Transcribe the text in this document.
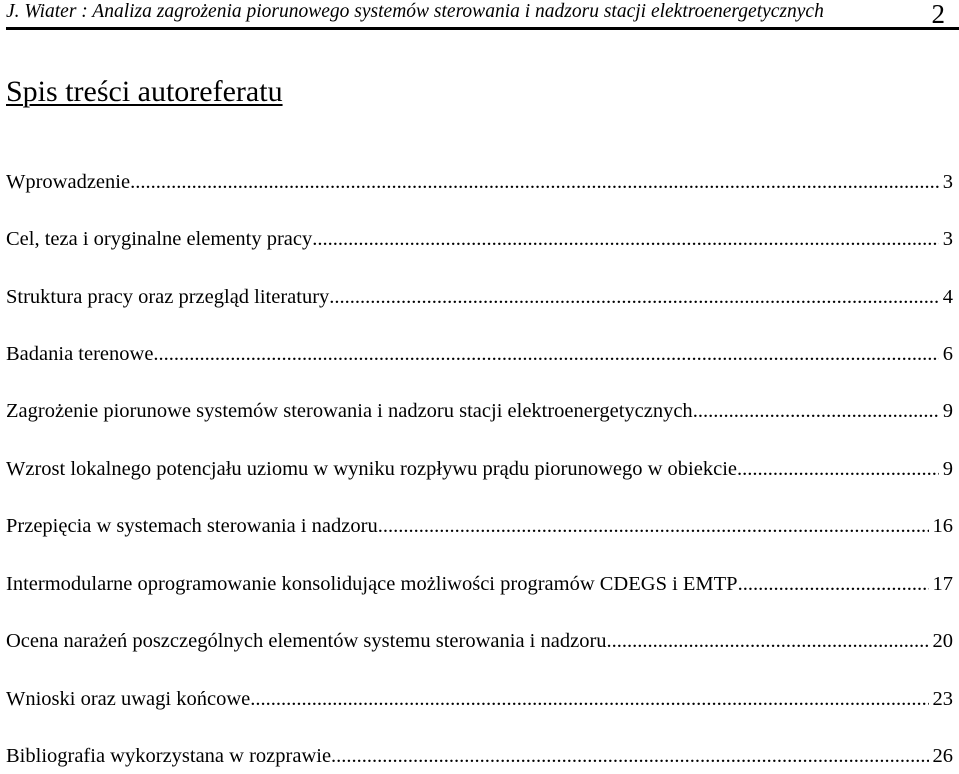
J. Wiater : Analiza zagrożenia piorunowego systemów sterowania i nadzoru stacji elektroenergetycznych	2
Spis treści autoreferatu
Wprowadzenie .....	3
Cel, teza i oryginalne elementy pracy .....	3
Struktura pracy oraz przegląd literatury .....	4
Badania terenowe .....	6
Zagrożenie piorunowe systemów sterowania i nadzoru stacji elektroenergetycznych .....	9
Wzrost lokalnego potencjału uziomu w wyniku rozpływu prądu piorunowego w obiekcie .....	9
Przepięcia w systemach sterowania i nadzoru .....	16
Intermodularne oprogramowanie konsolidujące możliwości programów CDEGS i EMTP .....	17
Ocena narażeń poszczególnych elementów systemu sterowania i nadzoru .....	20
Wnioski oraz uwagi końcowe .....	23
Bibliografia wykorzystana w rozprawie .....	26
